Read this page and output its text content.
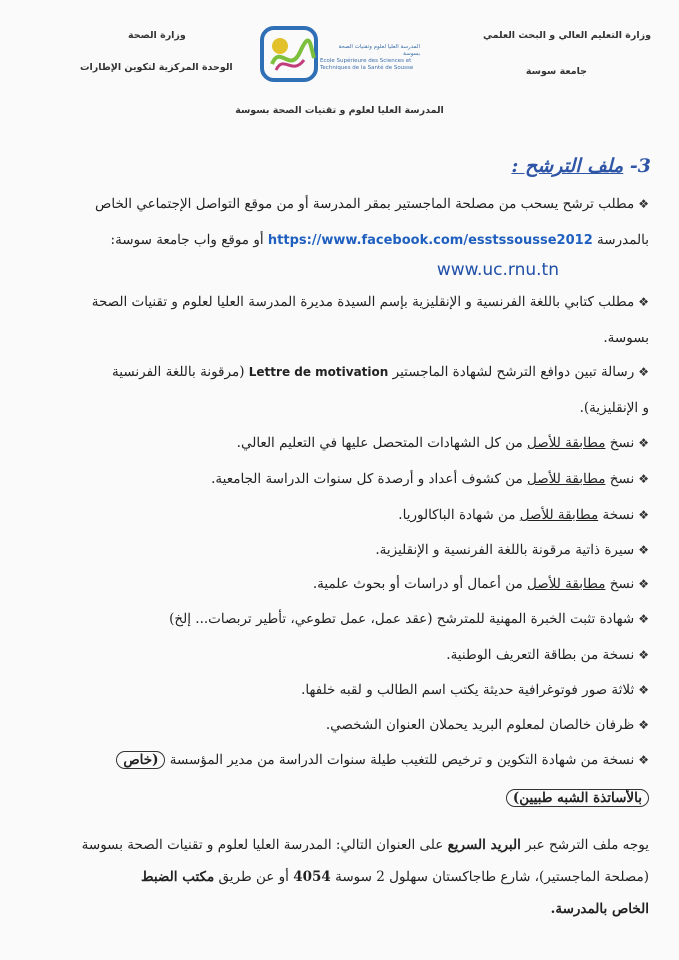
وزارة التعليم العالي و البحث العلمي
جامعة سوسة
وزارة الصحة
الوحدة المركزية لتكوين الإطارات
المدرسة العليا لعلوم وتقنيات الصحة بسوسة
Ecole Supérieure des Sciences et
Techniques de la Santé de Sousse
المدرسة العليا لعلوم و تقنيات الصحة بسوسة
3- ملف الترشح :
❖مطلب ترشح يسحب من مصلحة الماجستير بمقر المدرسة أو من موقع التواصل الإجتماعي الخاص
بالمدرسة https://www.facebook.com/esstssousse2012 أو موقع واب جامعة سوسة:
www.uc.rnu.tn
❖مطلب كتابي باللغة الفرنسية و الإنقليزية بإسم السيدة مديرة المدرسة العليا لعلوم و تقنيات الصحة
بسوسة.
❖رسالة تبين دوافع الترشح لشهادة الماجستير Lettre de motivation (مرقونة باللغة الفرنسية
و الإنقليزية).
❖نسخ مطابقة للأصل من كل الشهادات المتحصل عليها في التعليم العالي.
❖نسخ مطابقة للأصل من كشوف أعداد و أرصدة كل سنوات الدراسة الجامعية.
❖نسخة مطابقة للأصل من شهادة الباكالوريا.
❖سيرة ذاتية مرقونة باللغة الفرنسية و الإنقليزية.
❖نسخ مطابقة للأصل من أعمال أو دراسات أو بحوث علمية.
❖شهادة تثبت الخبرة المهنية للمترشح (عقد عمل، عمل تطوعي، تأطير تربصات... إلخ)
❖نسخة من بطاقة التعريف الوطنية.
❖ثلاثة صور فوتوغرافية حديثة يكتب اسم الطالب و لقبه خلفها.
❖ظرفان خالصان لمعلوم البريد يحملان العنوان الشخصي.
❖نسخة من شهادة التكوين و ترخيص للتغيب طيلة سنوات الدراسة من مدير المؤسسة (خاص
بالأساتذة الشبه طبيين)
يوجه ملف الترشح عبر البريد السريع على العنوان التالي: المدرسة العليا لعلوم و تقنيات الصحة بسوسة
(مصلحة الماجستير)، شارع طاجاكستان سهلول 2 سوسة 4054 أو عن طريق مكتب الضبط
الخاص بالمدرسة.
